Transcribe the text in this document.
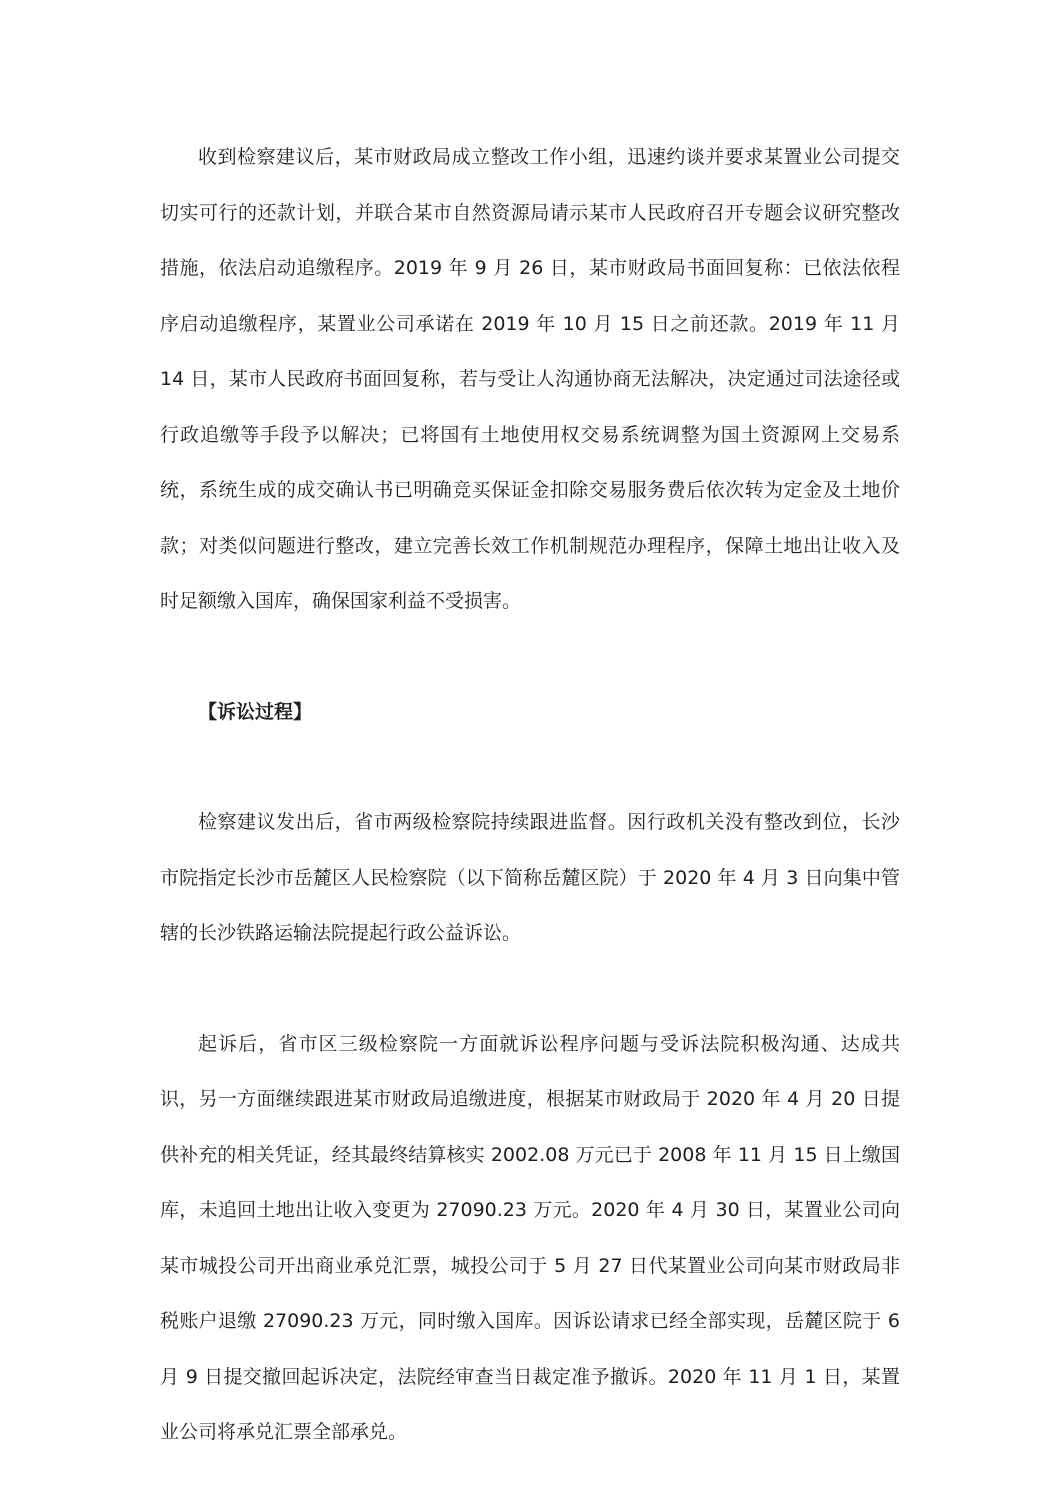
收到检察建议后，某市财政局成立整改工作小组，迅速约谈并要求某置业公司提交切实可行的还款计划，并联合某市自然资源局请示某市人民政府召开专题会议研究整改措施，依法启动追缴程序。2019 年 9 月 26 日，某市财政局书面回复称：已依法依程序启动追缴程序，某置业公司承诺在 2019 年 10 月 15 日之前还款。2019 年 11 月 14 日，某市人民政府书面回复称，若与受让人沟通协商无法解决，决定通过司法途径或行政追缴等手段予以解决；已将国有土地使用权交易系统调整为国土资源网上交易系统，系统生成的成交确认书已明确竞买保证金扣除交易服务费后依次转为定金及土地价款；对类似问题进行整改，建立完善长效工作机制规范办理程序，保障土地出让收入及时足额缴入国库，确保国家利益不受损害。

【诉讼过程】

检察建议发出后，省市两级检察院持续跟进监督。因行政机关没有整改到位，长沙市院指定长沙市岳麓区人民检察院（以下简称岳麓区院）于 2020 年 4 月 3 日向集中管辖的长沙铁路运输法院提起行政公益诉讼。

起诉后，省市区三级检察院一方面就诉讼程序问题与受诉法院积极沟通、达成共识，另一方面继续跟进某市财政局追缴进度，根据某市财政局于 2020 年 4 月 20 日提供补充的相关凭证，经其最终结算核实 2002.08 万元已于 2008 年 11 月 15 日上缴国库，未追回土地出让收入变更为 27090.23 万元。2020 年 4 月 30 日，某置业公司向某市城投公司开出商业承兑汇票，城投公司于 5 月 27 日代某置业公司向某市财政局非税账户退缴 27090.23 万元，同时缴入国库。因诉讼请求已经全部实现，岳麓区院于 6 月 9 日提交撤回起诉决定，法院经审查当日裁定准予撤诉。2020 年 11 月 1 日，某置业公司将承兑汇票全部承兑。
